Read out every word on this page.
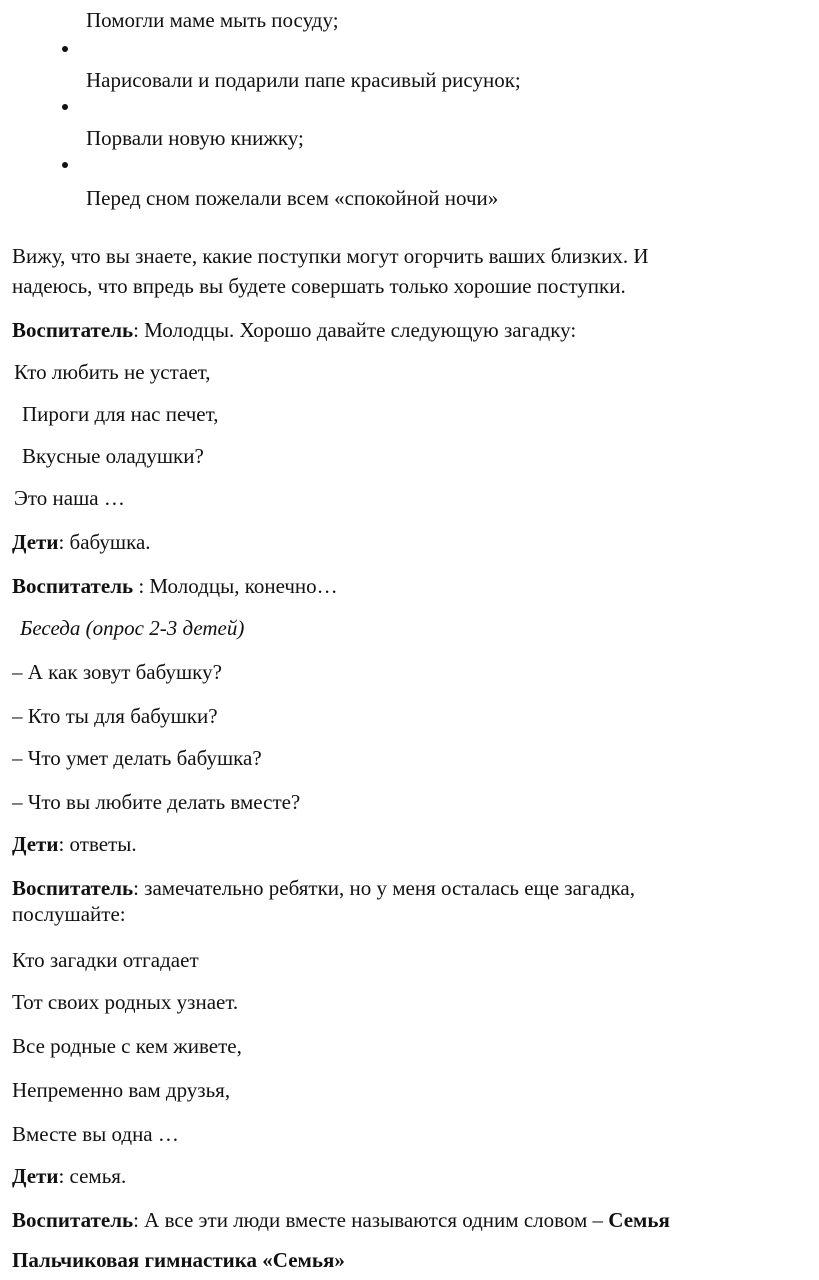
Помогли маме мыть посуду;
Нарисовали и подарили папе красивый рисунок;
Порвали новую книжку;
Перед сном пожелали всем «спокойной ночи»
Вижу, что вы знаете, какие поступки могут огорчить ваших близких. И
надеюсь, что впредь вы будете совершать только хорошие поступки.
Воспитатель: Молодцы. Хорошо давайте следующую загадку:
Кто любить не устает,
Пироги для нас печет,
Вкусные оладушки?
Это наша …
Дети: бабушка.
Воспитатель : Молодцы, конечно…
Беседа (опрос 2-3 детей)
– А как зовут бабушку?
– Кто ты для бабушки?
– Что умет делать бабушка?
– Что вы любите делать вместе?
Дети: ответы.
Воспитатель: замечательно ребятки, но у меня осталась еще загадка,
послушайте:
Кто загадки отгадает
Тот своих родных узнает.
Все родные с кем живете,
Непременно вам друзья,
Вместе вы одна …
Дети: семья.
Воспитатель: А все эти люди вместе называются одним словом – Семья
Пальчиковая гимнастика «Семья»
